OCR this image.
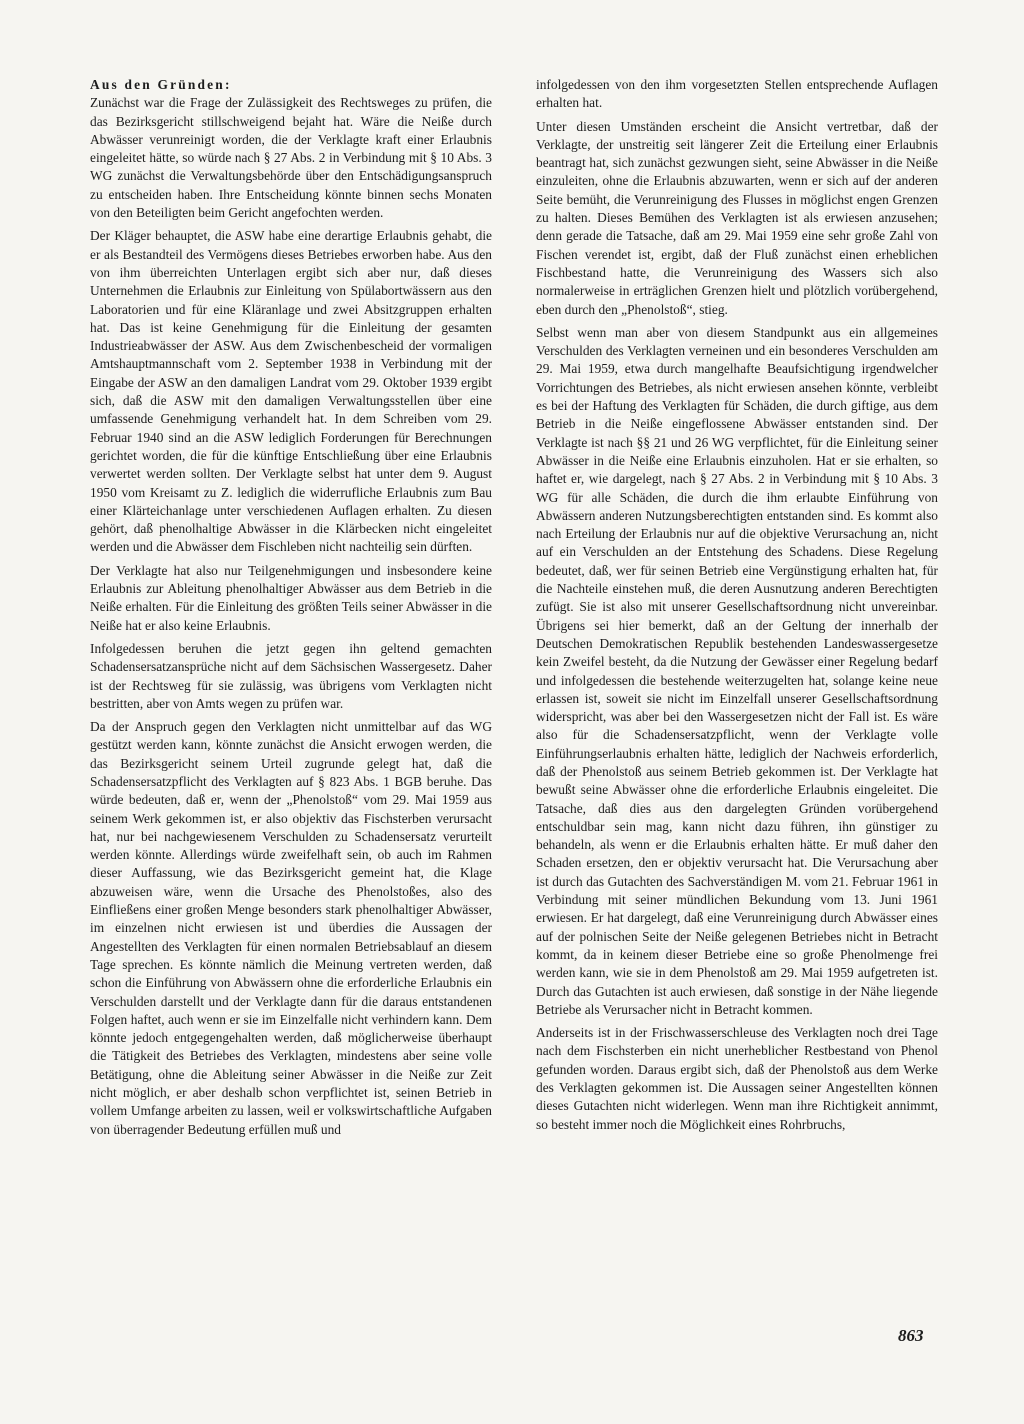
Aus den Gründen:

Zunächst war die Frage der Zulässigkeit des Rechtsweges zu prüfen, die das Bezirksgericht stillschweigend bejaht hat. Wäre die Neiße durch Abwässer verunreinigt worden, die der Verklagte kraft einer Erlaubnis eingeleitet hätte, so würde nach § 27 Abs. 2 in Verbindung mit § 10 Abs. 3 WG zunächst die Verwaltungsbehörde über den Entschädigungsanspruch zu entscheiden haben. Ihre Entscheidung könnte binnen sechs Monaten von den Beteiligten beim Gericht angefochten werden.

Der Kläger behauptet, die ASW habe eine derartige Erlaubnis gehabt, die er als Bestandteil des Vermögens dieses Betriebes erworben habe. Aus den von ihm überreichten Unterlagen ergibt sich aber nur, daß dieses Unternehmen die Erlaubnis zur Einleitung von Spülabortwässern aus den Laboratorien und für eine Kläranlage und zwei Absitzgruppen erhalten hat. Das ist keine Genehmigung für die Einleitung der gesamten Industrieabwässer der ASW. Aus dem Zwischenbescheid der vormaligen Amtshauptmannschaft vom 2. September 1938 in Verbindung mit der Eingabe der ASW an den damaligen Landrat vom 29. Oktober 1939 ergibt sich, daß die ASW mit den damaligen Verwaltungsstellen über eine umfassende Genehmigung verhandelt hat. In dem Schreiben vom 29. Februar 1940 sind an die ASW lediglich Forderungen für Berechnungen gerichtet worden, die für die künftige Entschließung über eine Erlaubnis verwertet werden sollten. Der Verklagte selbst hat unter dem 9. August 1950 vom Kreisamt zu Z. lediglich die widerrufliche Erlaubnis zum Bau einer Klärteichanlage unter verschiedenen Auflagen erhalten. Zu diesen gehört, daß phenolhaltige Abwässer in die Klärbecken nicht eingeleitet werden und die Abwässer dem Fischleben nicht nachteilig sein dürften.

Der Verklagte hat also nur Teilgenehmigungen und insbesondere keine Erlaubnis zur Ableitung phenolhaltiger Abwässer aus dem Betrieb in die Neiße erhalten. Für die Einleitung des größten Teils seiner Abwässer in die Neiße hat er also keine Erlaubnis.

Infolgedessen beruhen die jetzt gegen ihn geltend gemachten Schadensersatzansprüche nicht auf dem Sächsischen Wassergesetz. Daher ist der Rechtsweg für sie zulässig, was übrigens vom Verklagten nicht bestritten, aber von Amts wegen zu prüfen war.

Da der Anspruch gegen den Verklagten nicht unmittelbar auf das WG gestützt werden kann, könnte zunächst die Ansicht erwogen werden, die das Bezirksgericht seinem Urteil zugrunde gelegt hat, daß die Schadensersatzpflicht des Verklagten auf § 823 Abs. 1 BGB beruhe. Das würde bedeuten, daß er, wenn der „Phenolstoß“ vom 29. Mai 1959 aus seinem Werk gekommen ist, er also objektiv das Fischsterben verursacht hat, nur bei nachgewiesenem Verschulden zu Schadensersatz verurteilt werden könnte. Allerdings würde zweifelhaft sein, ob auch im Rahmen dieser Auffassung, wie das Bezirksgericht gemeint hat, die Klage abzuweisen wäre, wenn die Ursache des Phenolstoßes, also des Einfließens einer großen Menge besonders stark phenolhaltiger Abwässer, im einzelnen nicht erwiesen ist und überdies die Aussagen der Angestellten des Verklagten für einen normalen Betriebsablauf an diesem Tage sprechen. Es könnte nämlich die Meinung vertreten werden, daß schon die Einführung von Abwässern ohne die erforderliche Erlaubnis ein Verschulden darstellt und der Verklagte dann für die daraus entstandenen Folgen haftet, auch wenn er sie im Einzelfalle nicht verhindern kann. Dem könnte jedoch entgegengehalten werden, daß möglicherweise überhaupt die Tätigkeit des Betriebes des Verklagten, mindestens aber seine volle Betätigung, ohne die Ableitung seiner Abwässer in die Neiße zur Zeit nicht möglich, er aber deshalb schon verpflichtet ist, seinen Betrieb in vollem Umfange arbeiten zu lassen, weil er volkswirtschaftliche Aufgaben von überragender Bedeutung erfüllen muß und

infolgedessen von den ihm vorgesetzten Stellen entsprechende Auflagen erhalten hat.

Unter diesen Umständen erscheint die Ansicht vertretbar, daß der Verklagte, der unstreitig seit längerer Zeit die Erteilung einer Erlaubnis beantragt hat, sich zunächst gezwungen sieht, seine Abwässer in die Neiße einzuleiten, ohne die Erlaubnis abzuwarten, wenn er sich auf der anderen Seite bemüht, die Verunreinigung des Flusses in möglichst engen Grenzen zu halten. Dieses Bemühen des Verklagten ist als erwiesen anzusehen; denn gerade die Tatsache, daß am 29. Mai 1959 eine sehr große Zahl von Fischen verendet ist, ergibt, daß der Fluß zunächst einen erheblichen Fischbestand hatte, die Verunreinigung des Wassers sich also normalerweise in erträglichen Grenzen hielt und plötzlich vorübergehend, eben durch den „Phenolstoß“, stieg.

Selbst wenn man aber von diesem Standpunkt aus ein allgemeines Verschulden des Verklagten verneinen und ein besonderes Verschulden am 29. Mai 1959, etwa durch mangelhafte Beaufsichtigung irgendwelcher Vorrichtungen des Betriebes, als nicht erwiesen ansehen könnte, verbleibt es bei der Haftung des Verklagten für Schäden, die durch giftige, aus dem Betrieb in die Neiße eingeflossene Abwässer entstanden sind. Der Verklagte ist nach §§ 21 und 26 WG verpflichtet, für die Einleitung seiner Abwässer in die Neiße eine Erlaubnis einzuholen. Hat er sie erhalten, so haftet er, wie dargelegt, nach § 27 Abs. 2 in Verbindung mit § 10 Abs. 3 WG für alle Schäden, die durch die ihm erlaubte Einführung von Abwässern anderen Nutzungsberechtigten entstanden sind. Es kommt also nach Erteilung der Erlaubnis nur auf die objektive Verursachung an, nicht auf ein Verschulden an der Entstehung des Schadens. Diese Regelung bedeutet, daß, wer für seinen Betrieb eine Vergünstigung erhalten hat, für die Nachteile einstehen muß, die deren Ausnutzung anderen Berechtigten zufügt. Sie ist also mit unserer Gesellschaftsordnung nicht unvereinbar. Übrigens sei hier bemerkt, daß an der Geltung der innerhalb der Deutschen Demokratischen Republik bestehenden Landeswassergesetze kein Zweifel besteht, da die Nutzung der Gewässer einer Regelung bedarf und infolgedessen die bestehende weiterzugelten hat, solange keine neue erlassen ist, soweit sie nicht im Einzelfall unserer Gesellschaftsordnung widerspricht, was aber bei den Wassergesetzen nicht der Fall ist. Es wäre also für die Schadensersatzpflicht, wenn der Verklagte volle Einführungserlaubnis erhalten hätte, lediglich der Nachweis erforderlich, daß der Phenolstoß aus seinem Betrieb gekommen ist. Der Verklagte hat bewußt seine Abwässer ohne die erforderliche Erlaubnis eingeleitet. Die Tatsache, daß dies aus den dargelegten Gründen vorübergehend entschuldbar sein mag, kann nicht dazu führen, ihn günstiger zu behandeln, als wenn er die Erlaubnis erhalten hätte. Er muß daher den Schaden ersetzen, den er objektiv verursacht hat. Die Verursachung aber ist durch das Gutachten des Sachverständigen M. vom 21. Februar 1961 in Verbindung mit seiner mündlichen Bekundung vom 13. Juni 1961 erwiesen. Er hat dargelegt, daß eine Verunreinigung durch Abwässer eines auf der polnischen Seite der Neiße gelegenen Betriebes nicht in Betracht kommt, da in keinem dieser Betriebe eine so große Phenolmenge frei werden kann, wie sie in dem Phenolstoß am 29. Mai 1959 aufgetreten ist. Durch das Gutachten ist auch erwiesen, daß sonstige in der Nähe liegende Betriebe als Verursacher nicht in Betracht kommen.

Anderseits ist in der Frischwasserschleuse des Verklagten noch drei Tage nach dem Fischsterben ein nicht unerheblicher Restbestand von Phenol gefunden worden. Daraus ergibt sich, daß der Phenolstoß aus dem Werke des Verklagten gekommen ist. Die Aussagen seiner Angestellten können dieses Gutachten nicht widerlegen. Wenn man ihre Richtigkeit annimmt, so besteht immer noch die Möglichkeit eines Rohrbruchs,

863
